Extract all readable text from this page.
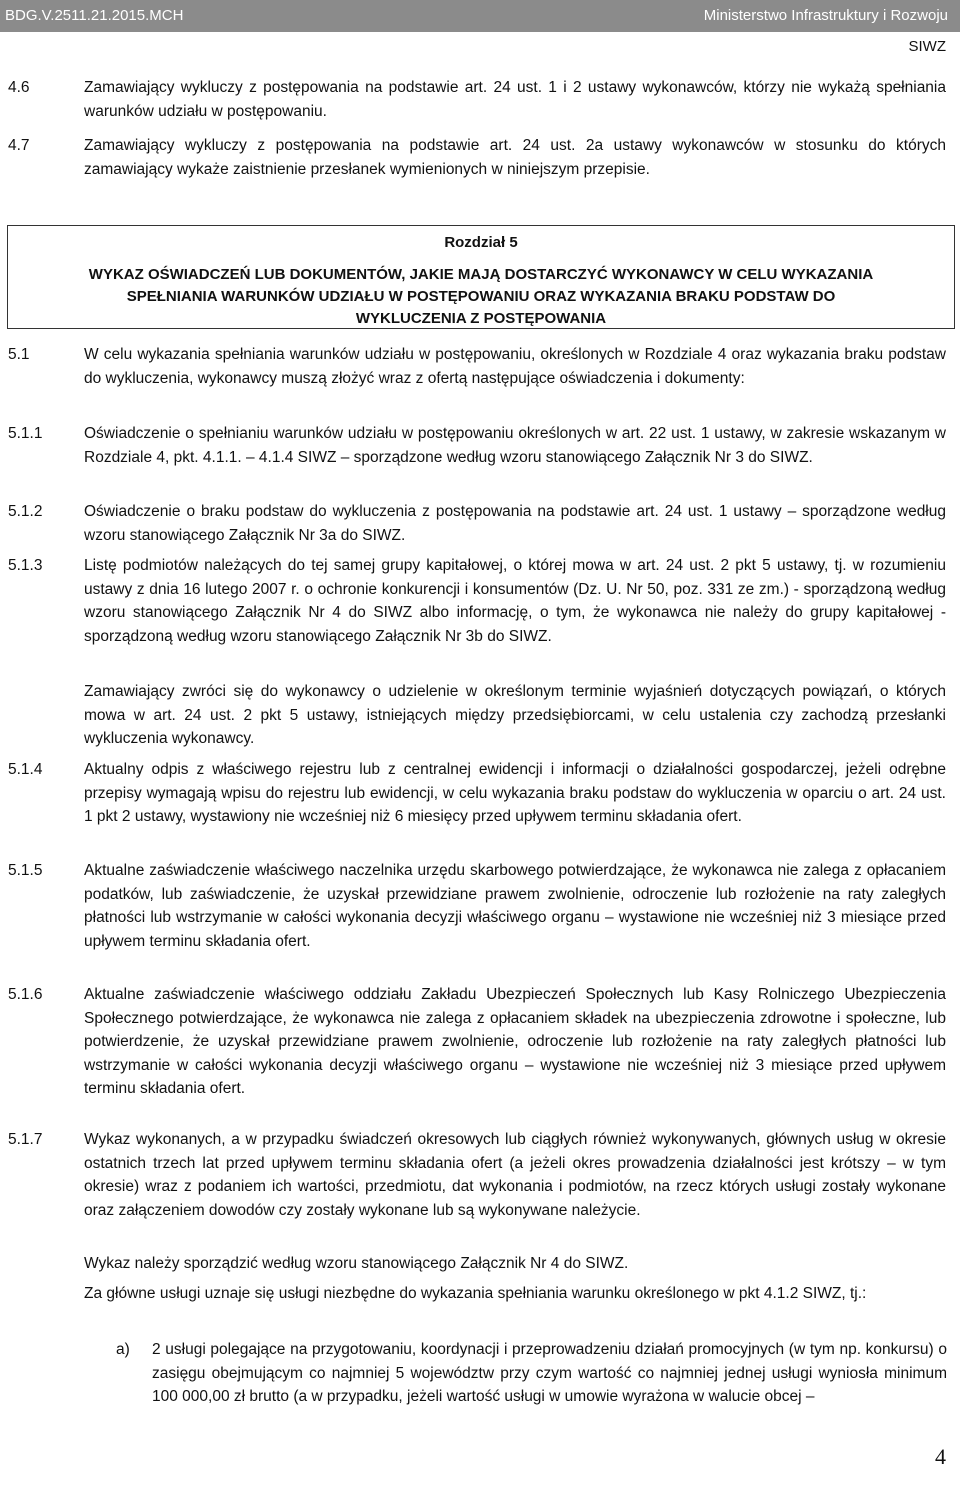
BDG.V.2511.21.2015.MCH	Ministerstwo Infrastruktury i Rozwoju
SIWZ
4.6	Zamawiający wykluczy z postępowania na podstawie art. 24 ust. 1 i 2 ustawy wykonawców, którzy nie wykażą spełniania warunków udziału w postępowaniu.
4.7	Zamawiający wykluczy z postępowania na podstawie art. 24 ust. 2a ustawy wykonawców w stosunku do których zamawiający wykaże zaistnienie przesłanek wymienionych w niniejszym przepisie.
Rozdział 5
WYKAZ OŚWIADCZEŃ LUB DOKUMENTÓW, JAKIE MAJĄ DOSTARCZYĆ WYKONAWCY W CELU WYKAZANIA SPEŁNIANIA WARUNKÓW UDZIAŁU W POSTĘPOWANIU ORAZ WYKAZANIA BRAKU PODSTAW DO WYKLUCZENIA Z POSTĘPOWANIA
5.1	W celu wykazania spełniania warunków udziału w postępowaniu, określonych w Rozdziale 4 oraz wykazania braku podstaw do wykluczenia, wykonawcy muszą złożyć wraz z ofertą następujące oświadczenia i dokumenty:
5.1.1	Oświadczenie o spełnianiu warunków udziału w postępowaniu określonych w art. 22 ust. 1 ustawy, w zakresie wskazanym w Rozdziale 4, pkt. 4.1.1. – 4.1.4 SIWZ – sporządzone według wzoru stanowiącego Załącznik Nr 3 do SIWZ.
5.1.2	Oświadczenie o braku podstaw do wykluczenia z postępowania na podstawie art. 24 ust. 1 ustawy – sporządzone według wzoru stanowiącego Załącznik Nr 3a do SIWZ.
5.1.3	Listę podmiotów należących do tej samej grupy kapitałowej, o której mowa w art. 24 ust. 2 pkt 5 ustawy, tj. w rozumieniu ustawy z dnia 16 lutego 2007 r. o ochronie konkurencji i konsumentów (Dz. U. Nr 50, poz. 331 ze zm.) - sporządzoną według wzoru stanowiącego Załącznik Nr 4 do SIWZ albo informację, o tym, że wykonawca nie należy do grupy kapitałowej - sporządzoną według wzoru stanowiącego Załącznik Nr 3b do SIWZ.
Zamawiający zwróci się do wykonawcy o udzielenie w określonym terminie wyjaśnień dotyczących powiązań, o których mowa w art. 24 ust. 2 pkt 5 ustawy, istniejących między przedsiębiorcami, w celu ustalenia czy zachodzą przesłanki wykluczenia wykonawcy.
5.1.4	Aktualny odpis z właściwego rejestru lub z centralnej ewidencji i informacji o działalności gospodarczej, jeżeli odrębne przepisy wymagają wpisu do rejestru lub ewidencji, w celu wykazania braku podstaw do wykluczenia w oparciu o art. 24 ust. 1 pkt 2 ustawy, wystawiony nie wcześniej niż 6 miesięcy przed upływem terminu składania ofert.
5.1.5	Aktualne zaświadczenie właściwego naczelnika urzędu skarbowego potwierdzające, że wykonawca nie zalega z opłacaniem podatków, lub zaświadczenie, że uzyskał przewidziane prawem zwolnienie, odroczenie lub rozłożenie na raty zaległych płatności lub wstrzymanie w całości wykonania decyzji właściwego organu – wystawione nie wcześniej niż 3 miesiące przed upływem terminu składania ofert.
5.1.6	Aktualne zaświadczenie właściwego oddziału Zakładu Ubezpieczeń Społecznych lub Kasy Rolniczego Ubezpieczenia Społecznego potwierdzające, że wykonawca nie zalega z opłacaniem składek na ubezpieczenia zdrowotne i społeczne, lub potwierdzenie, że uzyskał przewidziane prawem zwolnienie, odroczenie lub rozłożenie na raty zaległych płatności lub wstrzymanie w całości wykonania decyzji właściwego organu – wystawione nie wcześniej niż 3 miesiące przed upływem terminu składania ofert.
5.1.7	Wykaz wykonanych, a w przypadku świadczeń okresowych lub ciągłych również wykonywanych, głównych usług w okresie ostatnich trzech lat przed upływem terminu składania ofert (a jeżeli okres prowadzenia działalności jest krótszy – w tym okresie) wraz z podaniem ich wartości, przedmiotu, dat wykonania i podmiotów, na rzecz których usługi zostały wykonane oraz załączeniem dowodów czy zostały wykonane lub są wykonywane należycie.
Wykaz należy sporządzić według wzoru stanowiącego Załącznik Nr 4 do SIWZ.
Za główne usługi uznaje się usługi niezbędne do wykazania spełniania warunku określonego w pkt 4.1.2 SIWZ, tj.:
a) 2 usługi polegające na przygotowaniu, koordynacji i przeprowadzeniu działań promocyjnych (w tym np. konkursu) o zasięgu obejmującym co najmniej 5 województw przy czym wartość co najmniej jednej usługi wyniosła minimum 100 000,00 zł brutto (a w przypadku, jeżeli wartość usługi w umowie wyrażona w walucie obcej –
4
